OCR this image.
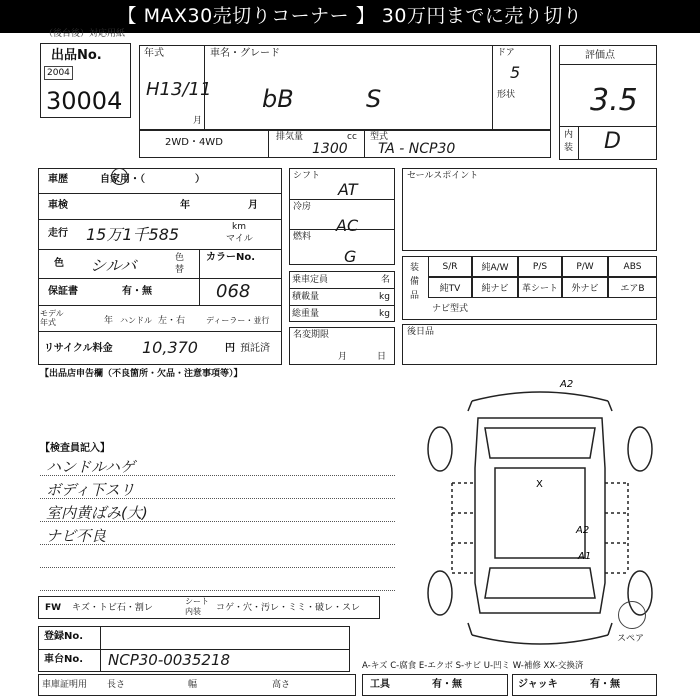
【 MAX30売切りコーナー 】 30万円までに売り切り
（後台後）対応用紙
出品No.
2004
30004
年式
H13/11
月
車名・グレード
bB	S
ドア
5
形状
評価点
3.5
内装 D
2WD・4WD	排気量	cc
1300
型式
TA - NCP30
車歴	自家用・（　　　　　）
車検	年	月
走行 15万1千585	km
マイル
色 シルバ	色替
カラーNo.
068
保証書	有・無
モデル年式	年 ハンドル 左・右	ディーラー・並行
リサイクル料金 10,370	円 預託済
シフト
AT
冷房
AC
燃料
G
乗車定員	名
積載量	kg
総重量	kg
名変期限
月	日
セールスポイント
装備品
S/R	純A/W	P/S	P/W	ABS
純TV	純ナビ	革シート	外ナビ	エアB
ナビ型式
後日品
【出品店申告欄（不良箇所・欠品・注意事項等）】
【検査員記入】
ハンドルハゲ
ボディ下スリ
室内黄ばみ(大)
ナビ不良
A2
X
A2
A1
スペア
FW キズ・トビ石・割レ
シート内装	コゲ・穴・汚レ・ミミ・破レ・スレ
登録No.
車台No. NCP30-0035218
車庫証明用 長さ	幅	高さ
A-キズ C-腐食 E-エクボ S-サビ U-凹ミ W-補修 XX-交換済
工具	有・無	ジャッキ	有・無
